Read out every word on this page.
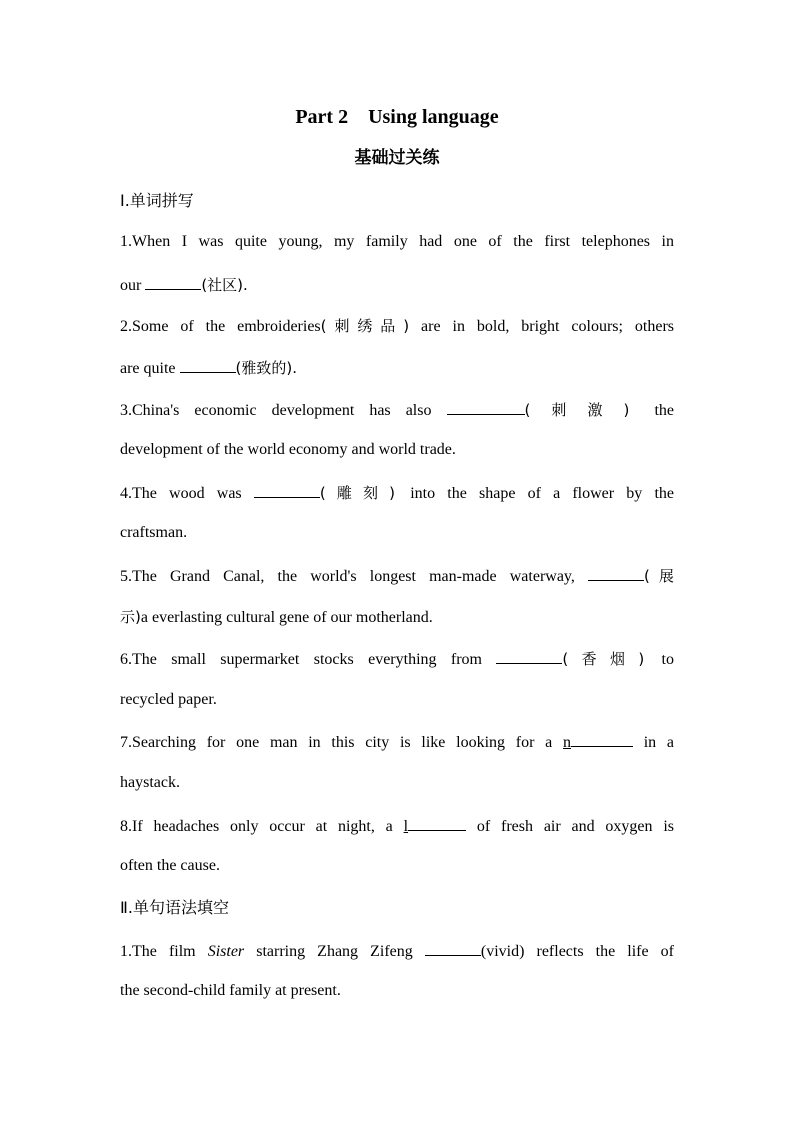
Part 2    Using language
基础过关练
Ⅰ.单词拼写
1.When I was quite young, my family had one of the first telephones in
our	(社区).
2.Some of the embroideries(刺绣品) are in bold, bright colours; others
are quite	(雅致的).
3.China's economic development has also	(刺激) the
development of the world economy and world trade.
4.The wood was	(雕刻) into the shape of a flower by the
craftsman.
5.The Grand Canal, the world's longest man-made waterway,	(展
示)a everlasting cultural gene of our motherland.
6.The small supermarket stocks everything from	(香烟) to
recycled paper.
7.Searching for one man in this city is like looking for a n	in a
haystack.
8.If headaches only occur at night, a l	of fresh air and oxygen is
often the cause.
Ⅱ.单句语法填空
1.The film Sister starring Zhang Zifeng	(vivid) reflects the life of
the second-child family at present.
